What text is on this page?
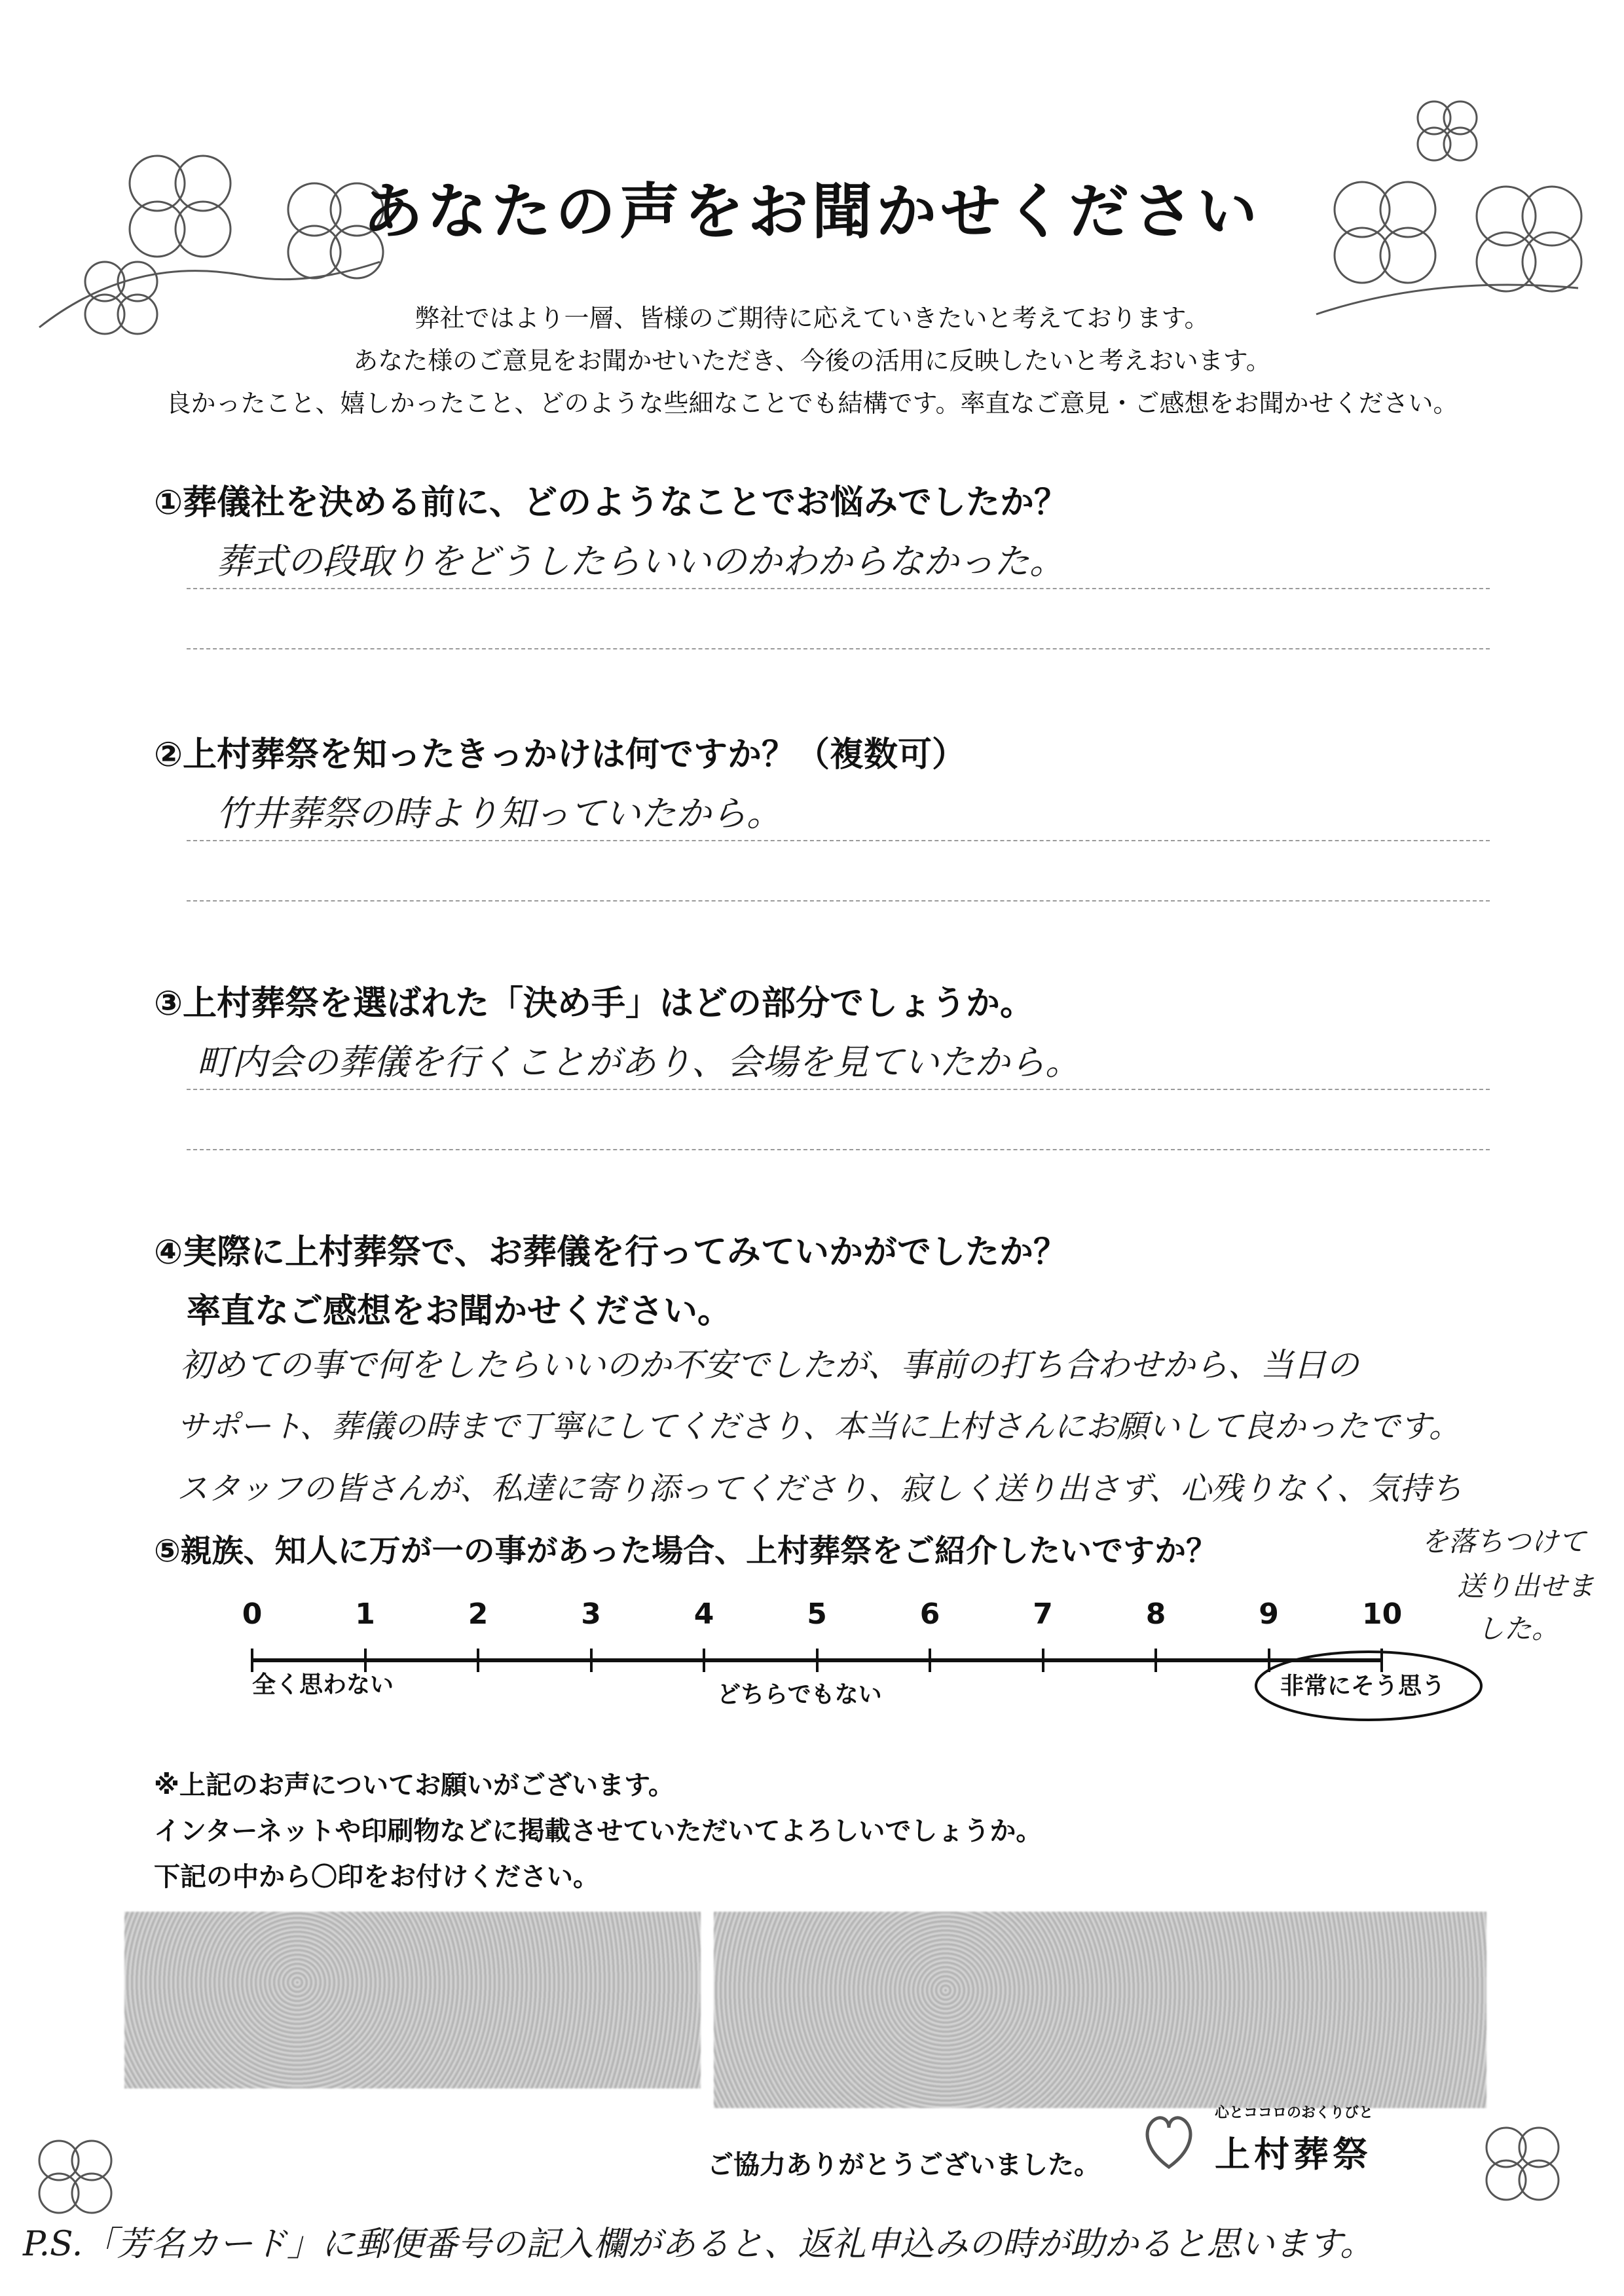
あなたの声をお聞かせください
弊社ではより一層、皆様のご期待に応えていきたいと考えております。
あなた様のご意見をお聞かせいただき、今後の活用に反映したいと考えおいます。
良かったこと、嬉しかったこと、どのような些細なことでも結構です。率直なご意見・ご感想をお聞かせください。
①葬儀社を決める前に、どのようなことでお悩みでしたか？
葬式の段取りをどうしたらいいのかわからなかった。
②上村葬祭を知ったきっかけは何ですか？（複数可）
竹井葬祭の時より知っていたから。
③上村葬祭を選ばれた「決め手」はどの部分でしょうか。
町内会の葬儀を行くことがあり、会場を見ていたから。
④実際に上村葬祭で、お葬儀を行ってみていかがでしたか？
率直なご感想をお聞かせください。
初めての事で何をしたらいいのか不安でしたが、事前の打ち合わせから、当日の
サポート、葬儀の時まで丁寧にしてくださり、本当に上村さんにお願いして良かったです。
スタッフの皆さんが、私達に寄り添ってくださり、寂しく送り出さず、心残りなく、気持ち
を落ちつけて
送り出せま
した。
⑤親族、知人に万が一の事があった場合、上村葬祭をご紹介したいですか？
0	1	2	3	4	5	6	7	8	9	10
全く思わない	どちらでもない	非常にそう思う
※上記のお声についてお願いがございます。
インターネットや印刷物などに掲載させていただいてよろしいでしょうか。
下記の中から〇印をお付けください。
ご協力ありがとうございました。
心とココロのおくりびと
上村葬祭
P.S.「芳名カード」に郵便番号の記入欄があると、返礼申込みの時が助かると思います。
